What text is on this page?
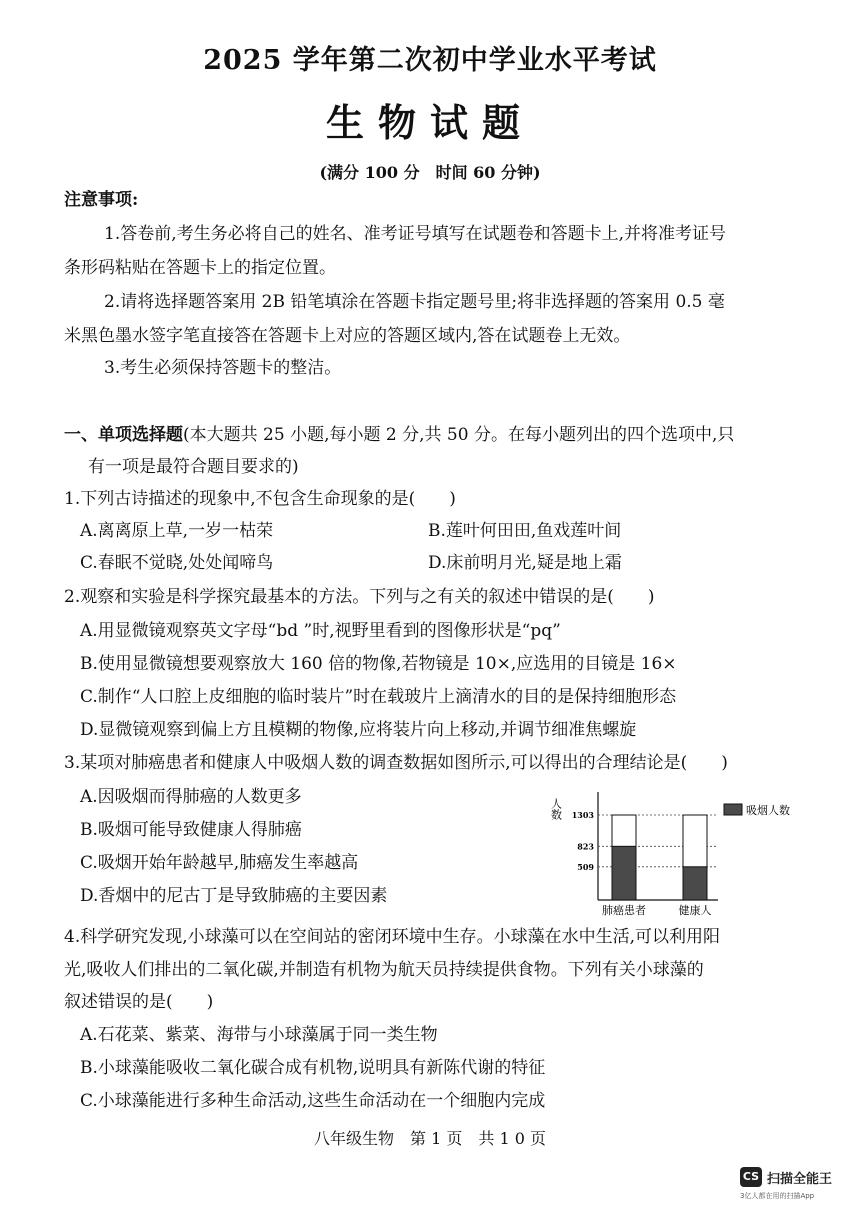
2025 学年第二次初中学业水平考试
生物试题
(满分 100 分　时间 60 分钟)
注意事项:
1.答卷前,考生务必将自己的姓名、准考证号填写在试题卷和答题卡上,并将准考证号
条形码粘贴在答题卡上的指定位置。
2.请将选择题答案用 2B 铅笔填涂在答题卡指定题号里;将非选择题的答案用 0.5 毫
米黑色墨水签字笔直接答在答题卡上对应的答题区域内,答在试题卷上无效。
3.考生必须保持答题卡的整洁。
一、单项选择题(本大题共 25 小题,每小题 2 分,共 50 分。在每小题列出的四个选项中,只
有一项是最符合题目要求的)
1.下列古诗描述的现象中,不包含生命现象的是(　　)
A.离离原上草,一岁一枯荣	B.莲叶何田田,鱼戏莲叶间
C.春眠不觉晓,处处闻啼鸟	D.床前明月光,疑是地上霜
2.观察和实验是科学探究最基本的方法。下列与之有关的叙述中错误的是(　　)
A.用显微镜观察英文字母“bd ”时,视野里看到的图像形状是“pq”
B.使用显微镜想要观察放大 160 倍的物像,若物镜是 10×,应选用的目镜是 16×
C.制作“人口腔上皮细胞的临时装片”时在载玻片上滴清水的目的是保持细胞形态
D.显微镜观察到偏上方且模糊的物像,应将装片向上移动,并调节细准焦螺旋
3.某项对肺癌患者和健康人中吸烟人数的调查数据如图所示,可以得出的合理结论是(　　)
A.因吸烟而得肺癌的人数更多
B.吸烟可能导致健康人得肺癌
C.吸烟开始年龄越早,肺癌发生率越高
D.香烟中的尼古丁是导致肺癌的主要因素
人数
509
823
1303
肺癌患者	健康人
吸烟人数
4.科学研究发现,小球藻可以在空间站的密闭环境中生存。小球藻在水中生活,可以利用阳
光,吸收人们排出的二氧化碳,并制造有机物为航天员持续提供食物。下列有关小球藻的
叙述错误的是(　　)
A.石花菜、紫菜、海带与小球藻属于同一类生物
B.小球藻能吸收二氧化碳合成有机物,说明具有新陈代谢的特征
C.小球藻能进行多种生命活动,这些生命活动在一个细胞内完成
八年级生物　第 1 页　共 1 0 页
CS 扫描全能王
3亿人都在用的扫描App
